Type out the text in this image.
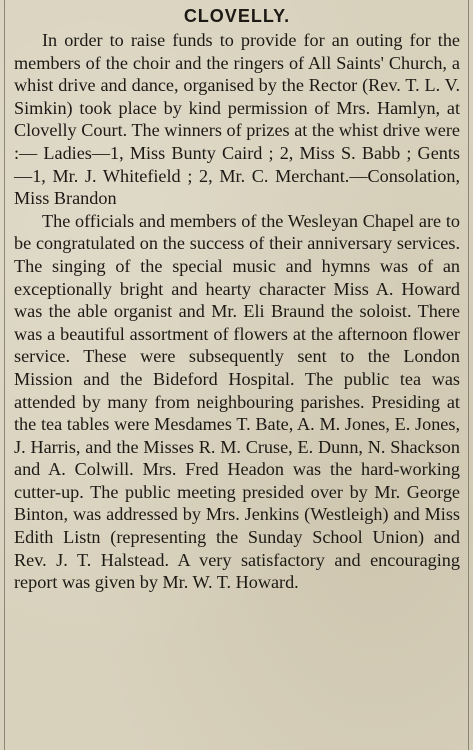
CLOVELLY.

In order to raise funds to provide for an outing for the members of the choir and the ringers of All Saints' Church, a whist drive and dance, organised by the Rector (Rev. T. L. V. Simkin) took place by kind permission of Mrs. Hamlyn, at Clovelly Court. The winners of prizes at the whist drive were :— Ladies—1, Miss Bunty Caird ; 2, Miss S. Babb ; Gents—1, Mr. J. Whitefield ; 2, Mr. C. Merchant.—Consolation, Miss Brandon

The officials and members of the Wesleyan Chapel are to be congratulated on the success of their anniversary services. The singing of the special music and hymns was of an exceptionally bright and hearty character Miss A. Howard was the able organist and Mr. Eli Braund the soloist. There was a beautiful assortment of flowers at the afternoon flower service. These were subsequently sent to the London Mission and the Bideford Hospital. The public tea was attended by many from neighbouring parishes. Presiding at the tea tables were Mesdames T. Bate, A. M. Jones, E. Jones, J. Harris, and the Misses R. M. Cruse, E. Dunn, N. Shackson and A. Colwill. Mrs. Fred Headon was the hard-working cutter-up. The public meeting presided over by Mr. George Binton, was addressed by Mrs. Jenkins (Westleigh) and Miss Edith Listn (representing the Sunday School Union) and Rev. J. T. Halstead. A very satisfactory and encouraging report was given by Mr. W. T. Howard.
